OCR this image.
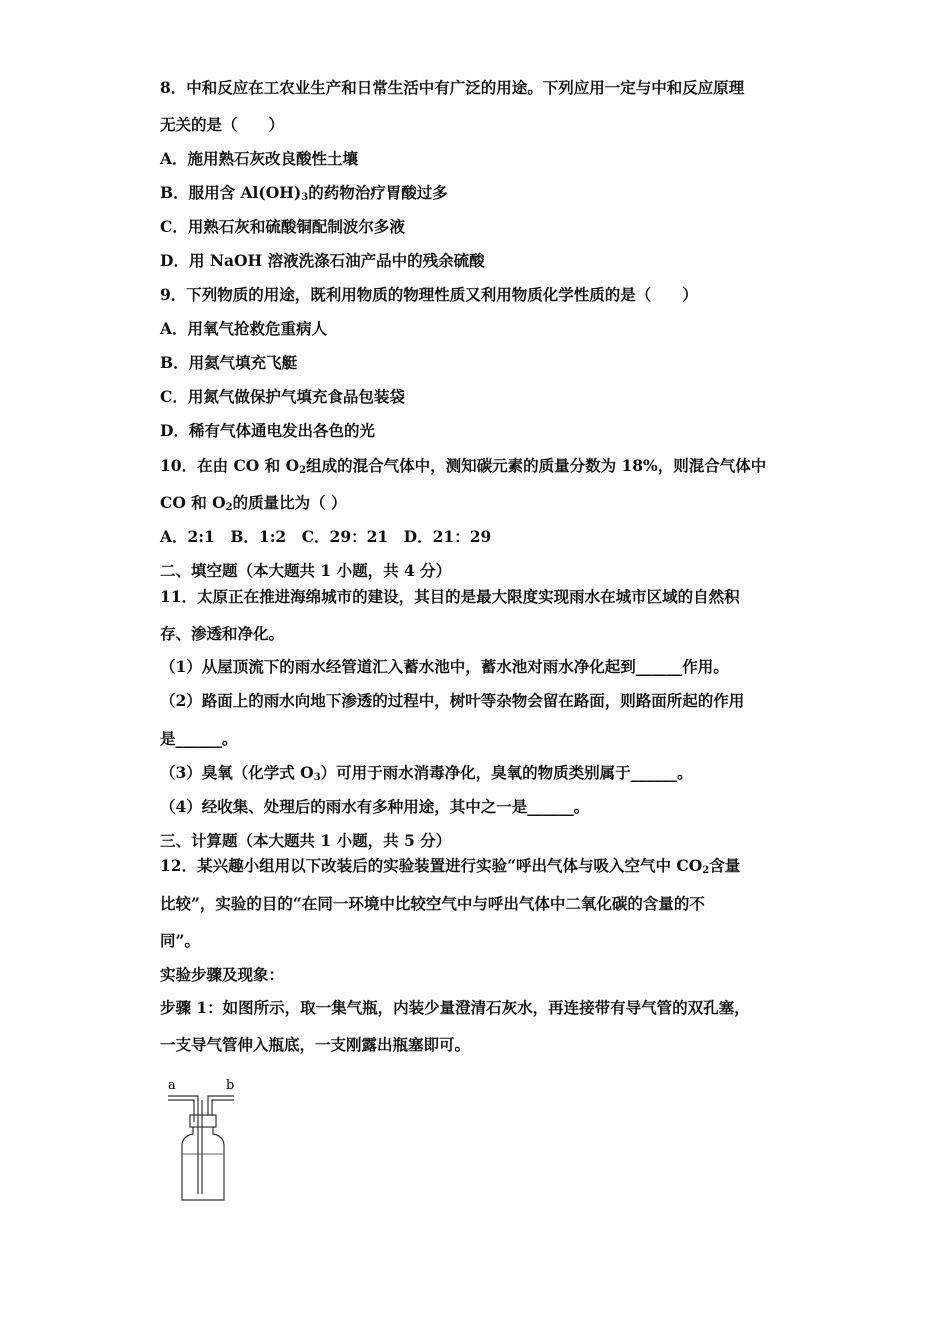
8．中和反应在工农业生产和日常生活中有广泛的用途。下列应用一定与中和反应原理
无关的是（　　）
A．施用熟石灰改良酸性土壤
B．服用含 $Al(OH)_3$的药物治疗胃酸过多
C．用熟石灰和硫酸铜配制波尔多液
D．用 NaOH 溶液洗涤石油产品中的残余硫酸
9．下列物质的用途，既利用物质的物理性质又利用物质化学性质的是（　　）
A．用氧气抢救危重病人
B．用氦气填充飞艇
C．用氮气做保护气填充食品包装袋
D．稀有气体通电发出各色的光
10．在由 CO 和 $O_2$组成的混合气体中，测知碳元素的质量分数为 18%，则混合气体中
CO 和 $O_2$的质量比为（ ）
A．2:1　B．1:2　C．29：21　D．21：29
二、填空题（本大题共 1 小题，共 4 分）
11．太原正在推进海绵城市的建设，其目的是最大限度实现雨水在城市区域的自然积
存、渗透和净化。
（1）从屋顶流下的雨水经管道汇入蓄水池中，蓄水池对雨水净化起到______作用。
（2）路面上的雨水向地下渗透的过程中，树叶等杂物会留在路面，则路面所起的作用
是______。
（3）臭氧（化学式 $O_3$）可用于雨水消毒净化，臭氧的物质类别属于______。
（4）经收集、处理后的雨水有多种用途，其中之一是______。
三、计算题（本大题共 1 小题，共 5 分）
12．某兴趣小组用以下改装后的实验装置进行实验“呼出气体与吸入空气中 $CO_2$含量
比较”，实验的目的“在同一环境中比较空气中与呼出气体中二氧化碳的含量的不
同”。
实验步骤及现象：
步骤 1：如图所示，取一集气瓶，内装少量澄清石灰水，再连接带有导气管的双孔塞，
一支导气管伸入瓶底，一支刚露出瓶塞即可。
a	b
